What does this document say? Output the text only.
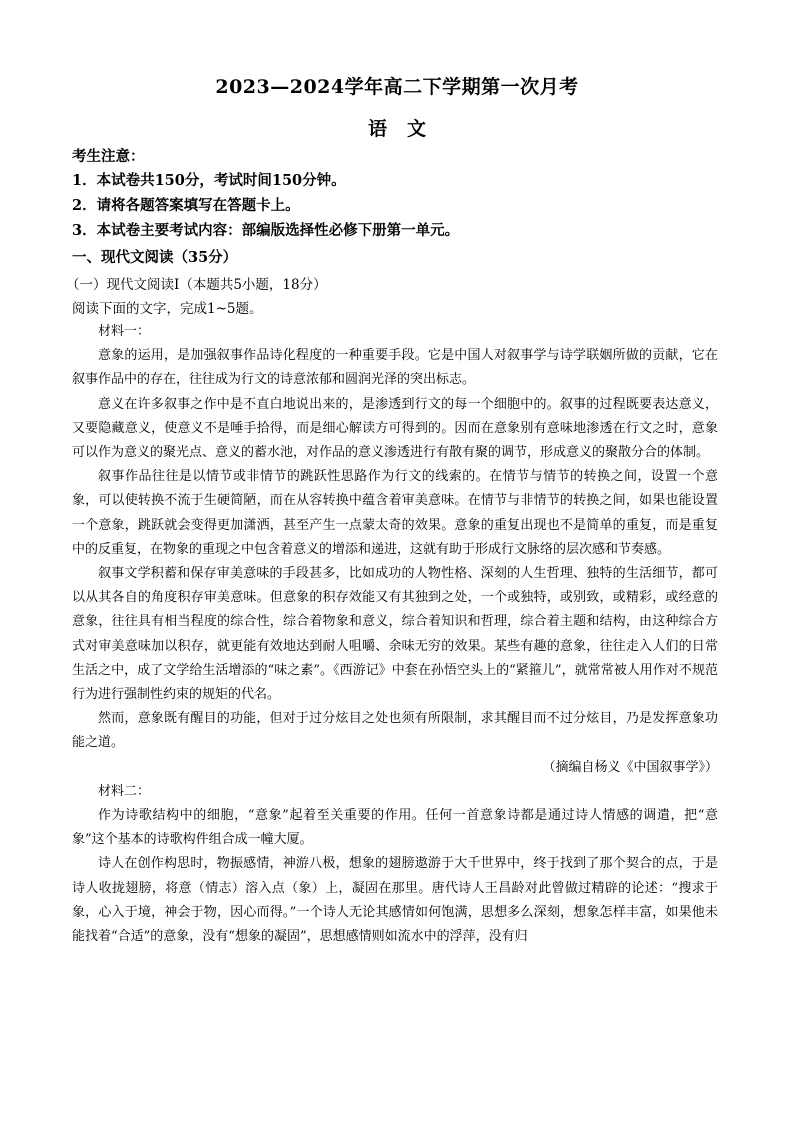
2023—2024学年高二下学期第一次月考
语文
考生注意：
1．本试卷共150分，考试时间150分钟。
2．请将各题答案填写在答题卡上。
3．本试卷主要考试内容：部编版选择性必修下册第一单元。
一、现代文阅读（35分）
（一）现代文阅读Ⅰ（本题共5小题，18分）
阅读下面的文字，完成1~5题。

材料一：

意象的运用，是加强叙事作品诗化程度的一种重要手段。它是中国人对叙事学与诗学联姻所做的贡献，它在叙事作品中的存在，往往成为行文的诗意浓郁和圆润光泽的突出标志。

意义在许多叙事之作中是不直白地说出来的，是渗透到行文的每一个细胞中的。叙事的过程既要表达意义，又要隐藏意义，使意义不是唾手拾得，而是细心解读方可得到的。因而在意象别有意味地渗透在行文之时，意象可以作为意义的聚光点、意义的蓄水池，对作品的意义渗透进行有散有聚的调节，形成意义的聚散分合的体制。

叙事作品往往是以情节或非情节的跳跃性思路作为行文的线索的。在情节与情节的转换之间，设置一个意象，可以使转换不流于生硬简陋，而在从容转换中蕴含着审美意味。在情节与非情节的转换之间，如果也能设置一个意象，跳跃就会变得更加潇洒，甚至产生一点蒙太奇的效果。意象的重复出现也不是简单的重复，而是重复中的反重复，在物象的重现之中包含着意义的增添和递进，这就有助于形成行文脉络的层次感和节奏感。

叙事文学积蓄和保存审美意味的手段甚多，比如成功的人物性格、深刻的人生哲理、独特的生活细节，都可以从其各自的角度积存审美意味。但意象的积存效能又有其独到之处，一个或独特，或别致，或精彩，或经意的意象，往往具有相当程度的综合性，综合着物象和意义，综合着知识和哲理，综合着主题和结构，由这种综合方式对审美意味加以积存，就更能有效地达到耐人咀嚼、余味无穷的效果。某些有趣的意象，往往走入人们的日常生活之中，成了文学给生活增添的“味之素”。《西游记》中套在孙悟空头上的“紧箍儿”，就常常被人用作对不规范行为进行强制性约束的规矩的代名。

然而，意象既有醒目的功能，但对于过分炫目之处也须有所限制，求其醒目而不过分炫目，乃是发挥意象功能之道。

（摘编自杨义《中国叙事学》）

材料二：

作为诗歌结构中的细胞，“意象”起着至关重要的作用。任何一首意象诗都是通过诗人情感的调遣，把“意象”这个基本的诗歌构件组合成一幢大厦。

诗人在创作构思时，物振感情，神游八极，想象的翅膀遨游于大千世界中，终于找到了那个契合的点，于是诗人收拢翅膀，将意（情志）溶入点（象）上，凝固在那里。唐代诗人王昌龄对此曾做过精辟的论述：“搜求于象，心入于境，神会于物，因心而得。”一个诗人无论其感情如何饱满，思想多么深刻，想象怎样丰富，如果他未能找着“合适”的意象，没有“想象的凝固”，思想感情则如流水中的浮萍，没有归
